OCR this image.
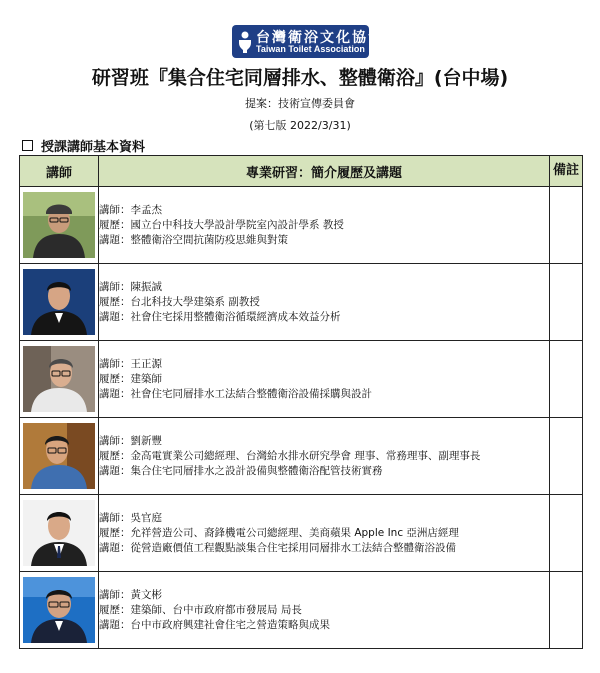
台灣衛浴文化協會
Taiwan Toilet Association
研習班『集合住宅同層排水、整體衛浴』(台中場)
提案：技術宣傳委員會
(第七版 2022/3/31)
授課講師基本資料
講師	專業研習：簡介履歷及講題	備註

講師：李孟杰
履歷：國立台中科技大學設計學院室內設計學系 教授
講題：整體衛浴空間抗菌防疫思維與對策	

講師：陳振誠
履歷：台北科技大學建築系 副教授
講題：社會住宅採用整體衛浴循環經濟成本效益分析	

講師：王正源
履歷：建築師
講題：社會住宅同層排水工法結合整體衛浴設備採購與設計	

講師：劉新豐
履歷：金高電實業公司總經理、台灣給水排水研究學會 理事、常務理事、副理事長
講題：集合住宅同層排水之設計設備與整體衛浴配管技術實務	

講師：吳官庭
履歷：允祥營造公司、裔鋒機電公司總經理、美商蘋果 Apple Inc 亞洲店經理
講題：從營造廠價值工程觀點談集合住宅採用同層排水工法結合整體衛浴設備	

講師：黃文彬
履歷：建築師、台中市政府都市發展局 局長
講題：台中市政府興建社會住宅之營造策略與成果	
